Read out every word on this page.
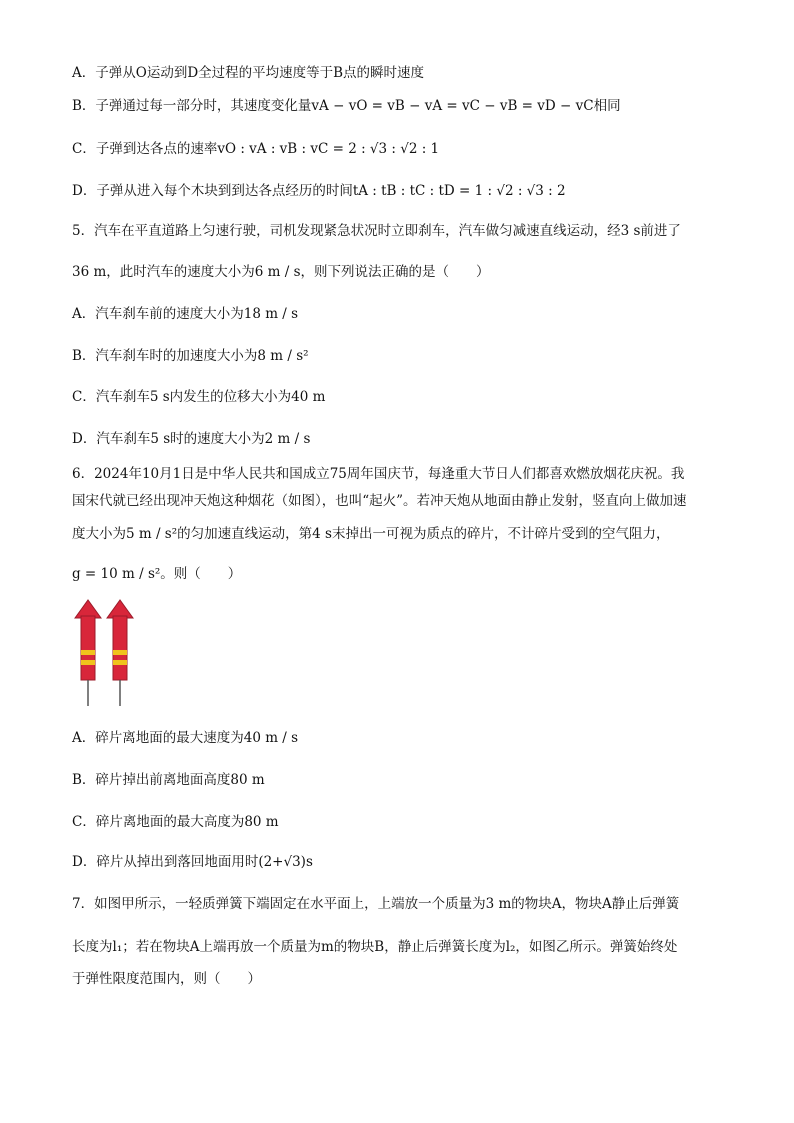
A．子弹从O运动到D全过程的平均速度等于B点的瞬时速度
B．子弹通过每一部分时，其速度变化量vA − vO = vB − vA = vC − vB = vD − vC相同
C．子弹到达各点的速率vO : vA : vB : vC = 2 : √3 : √2 : 1
D．子弹从进入每个木块到到达各点经历的时间tA : tB : tC : tD = 1 : √2 : √3 : 2
5．汽车在平直道路上匀速行驶，司机发现紧急状况时立即刹车，汽车做匀减速直线运动，经3 s前进了
36 m，此时汽车的速度大小为6 m / s，则下列说法正确的是（　　）
A．汽车刹车前的速度大小为18 m / s
B．汽车刹车时的加速度大小为8 m / s²
C．汽车刹车5 s内发生的位移大小为40 m
D．汽车刹车5 s时的速度大小为2 m / s
6．2024年10月1日是中华人民共和国成立75周年国庆节，每逢重大节日人们都喜欢燃放烟花庆祝。我
国宋代就已经出现冲天炮这种烟花（如图），也叫“起火”。若冲天炮从地面由静止发射，竖直向上做加速
度大小为5 m / s²的匀加速直线运动，第4 s末掉出一可视为质点的碎片，不计碎片受到的空气阻力，
g = 10 m / s²。则（　　）
A．碎片离地面的最大速度为40 m / s
B．碎片掉出前离地面高度80 m
C．碎片离地面的最大高度为80 m
D．碎片从掉出到落回地面用时(2+√3)s
7．如图甲所示，一轻质弹簧下端固定在水平面上，上端放一个质量为3 m的物块A，物块A静止后弹簧
长度为l₁；若在物块A上端再放一个质量为m的物块B，静止后弹簧长度为l₂，如图乙所示。弹簧始终处
于弹性限度范围内，则（　　）
